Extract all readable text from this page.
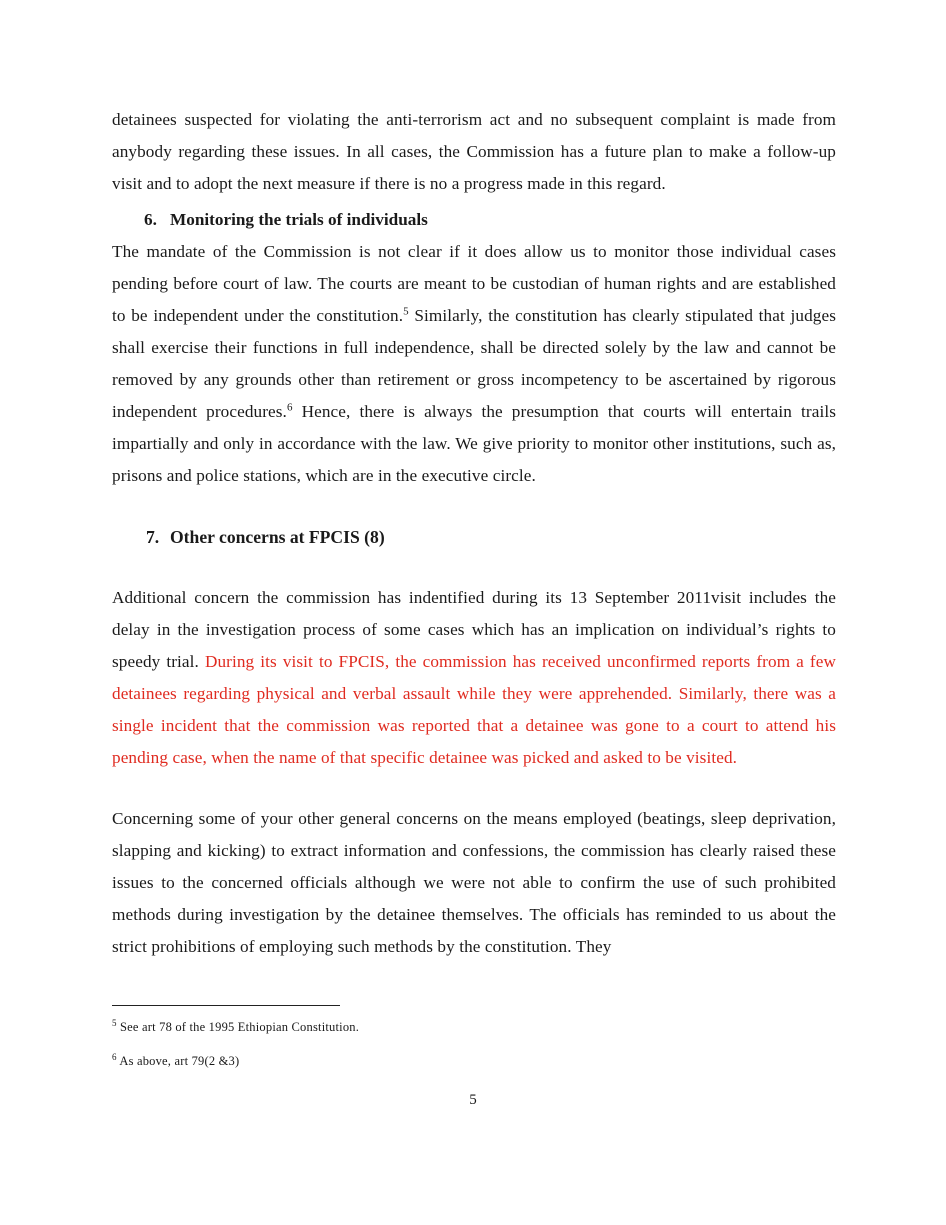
detainees suspected for violating the anti-terrorism act and no subsequent complaint is made from anybody regarding these issues. In all cases, the Commission has a future plan to make a follow-up visit and to adopt the next measure if there is no a progress made in this regard.

6. Monitoring the trials of individuals

The mandate of the Commission is not clear if it does allow us to monitor those individual cases pending before court of law. The courts are meant to be custodian of human rights and are established to be independent under the constitution.$^5$ Similarly, the constitution has clearly stipulated that judges shall exercise their functions in full independence, shall be directed solely by the law and cannot be removed by any grounds other than retirement or gross incompetency to be ascertained by rigorous independent procedures.$^6$ Hence, there is always the presumption that courts will entertain trails impartially and only in accordance with the law. We give priority to monitor other institutions, such as, prisons and police stations, which are in the executive circle.

7. Other concerns at FPCIS (8)

Additional concern the commission has indentified during its 13 September 2011visit includes the delay in the investigation process of some cases which has an implication on individual’s rights to speedy trial. During its visit to FPCIS, the commission has received unconfirmed reports from a few detainees regarding physical and verbal assault while they were apprehended. Similarly, there was a single incident that the commission was reported that a detainee was gone to a court to attend his pending case, when the name of that specific detainee was picked and asked to be visited.

Concerning some of your other general concerns on the means employed (beatings, sleep deprivation, slapping and kicking) to extract information and confessions, the commission has clearly raised these issues to the concerned officials although we were not able to confirm the use of such prohibited methods during investigation by the detainee themselves. The officials has reminded to us about the strict prohibitions of employing such methods by the constitution. They

$^5$ See art 78 of the 1995 Ethiopian Constitution.
$^6$ As above, art 79(2 &3)
5
